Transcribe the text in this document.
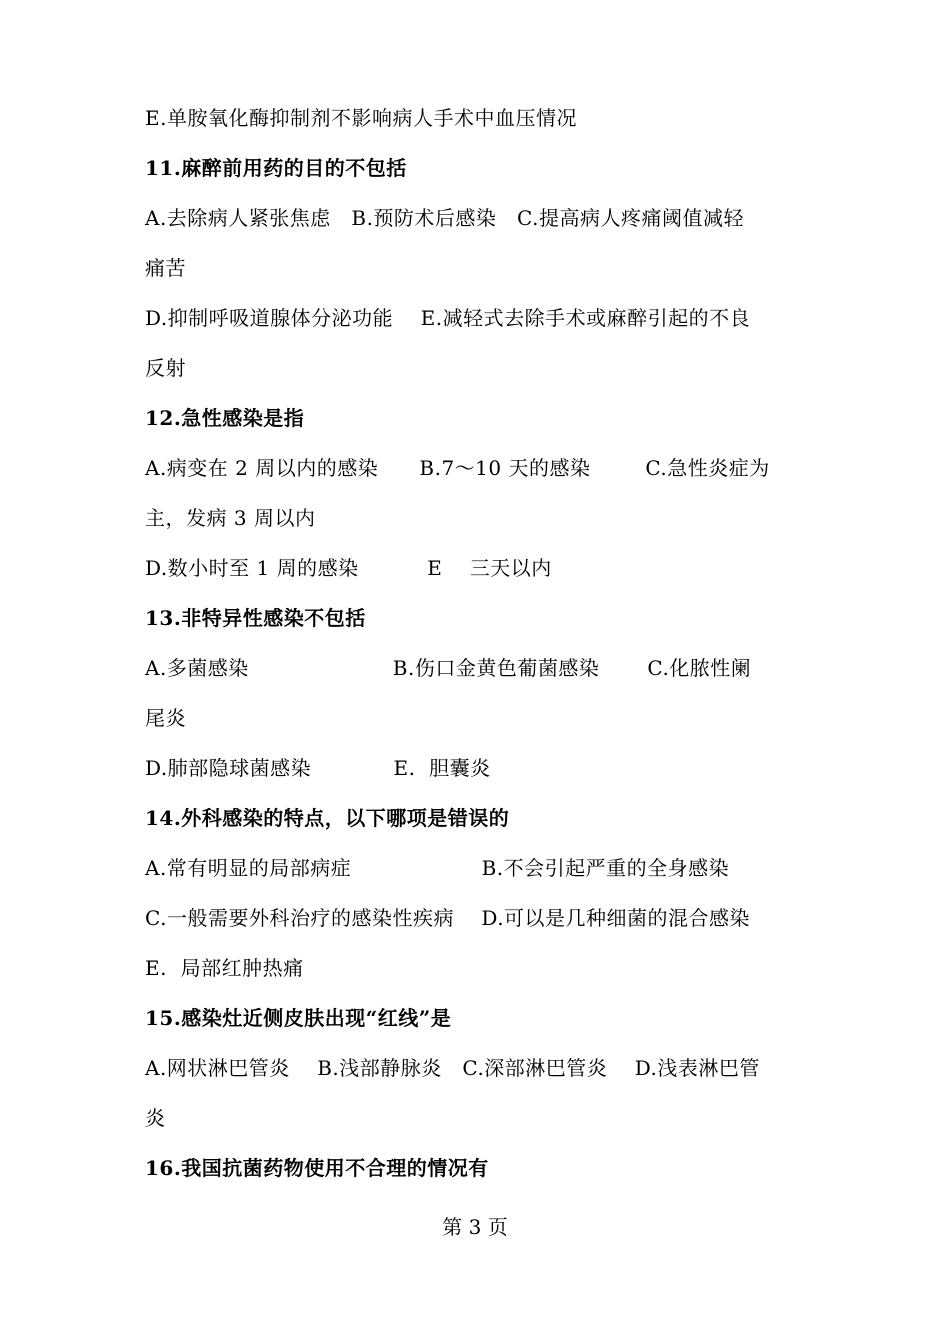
E.单胺氧化酶抑制剂不影响病人手术中血压情况
11.麻醉前用药的目的不包括
A.去除病人紧张焦虑   B.预防术后感染   C.提高病人疼痛阈值减轻
痛苦
D.抑制呼吸道腺体分泌功能    E.减轻式去除手术或麻醉引起的不良
反射
12.急性感染是指
A.病变在 2 周以内的感染      B.7～10 天的感染        C.急性炎症为
主，发病 3 周以内
D.数小时至 1 周的感染          E    三天以内
13.非特异性感染不包括
A.多菌感染                     B.伤口金黄色葡菌感染       C.化脓性阑
尾炎
D.肺部隐球菌感染            E.  胆囊炎
14.外科感染的特点，以下哪项是错误的
A.常有明显的局部病症                   B.不会引起严重的全身感染
C.一般需要外科治疗的感染性疾病    D.可以是几种细菌的混合感染
E.  局部红肿热痛
15.感染灶近侧皮肤出现“红线”是
A.网状淋巴管炎    B.浅部静脉炎   C.深部淋巴管炎    D.浅表淋巴管
炎
16.我国抗菌药物使用不合理的情况有
第 3 页
